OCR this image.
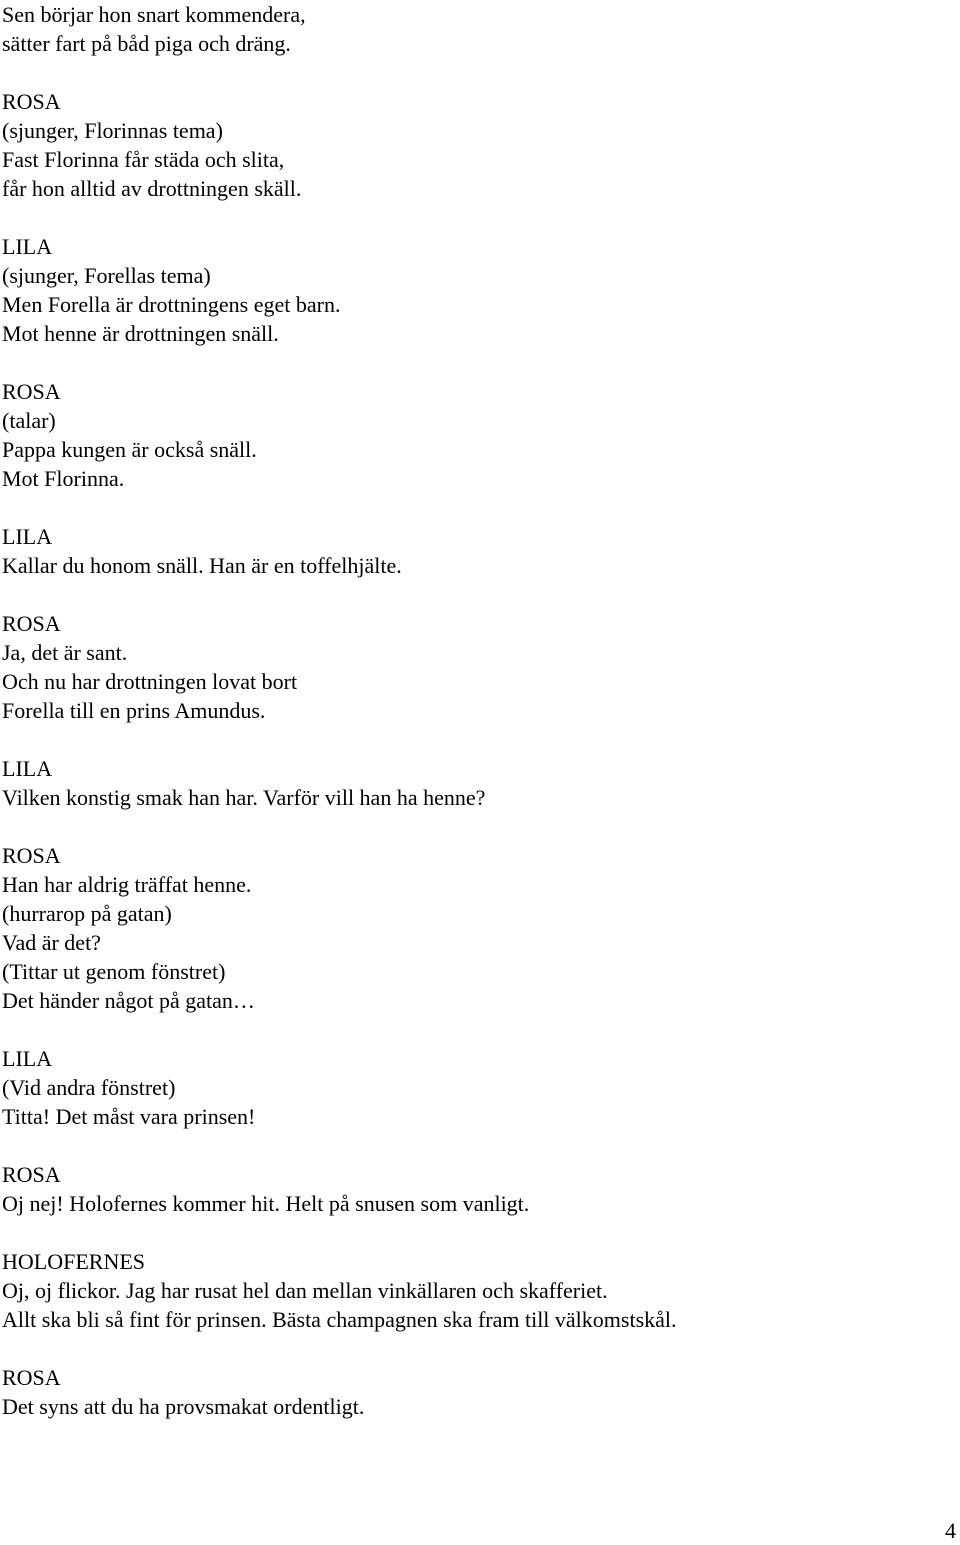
Sen börjar hon snart kommendera,
sätter fart på båd piga och dräng.
ROSA
(sjunger, Florinnas tema)
Fast Florinna får städa och slita,
får hon alltid av drottningen skäll.
LILA
(sjunger, Forellas tema)
Men Forella är drottningens eget barn.
Mot henne är drottningen snäll.
ROSA
(talar)
Pappa kungen är också snäll.
Mot Florinna.
LILA
Kallar du honom snäll. Han är en toffelhjälte.
ROSA
Ja, det är sant.
Och nu har drottningen lovat bort
Forella till en prins Amundus.
LILA
Vilken konstig smak han har. Varför vill han ha henne?
ROSA
Han har aldrig träffat henne.
(hurrarop på gatan)
Vad är det?
(Tittar ut genom fönstret)
Det händer något på gatan…
LILA
(Vid andra fönstret)
Titta! Det måst vara prinsen!
ROSA
Oj nej! Holofernes kommer hit. Helt på snusen som vanligt.
HOLOFERNES
Oj, oj flickor. Jag har rusat hel dan mellan vinkällaren och skafferiet.
Allt ska bli så fint för prinsen. Bästa champagnen ska fram till välkomstskål.
ROSA
Det syns att du ha provsmakat ordentligt.
4
